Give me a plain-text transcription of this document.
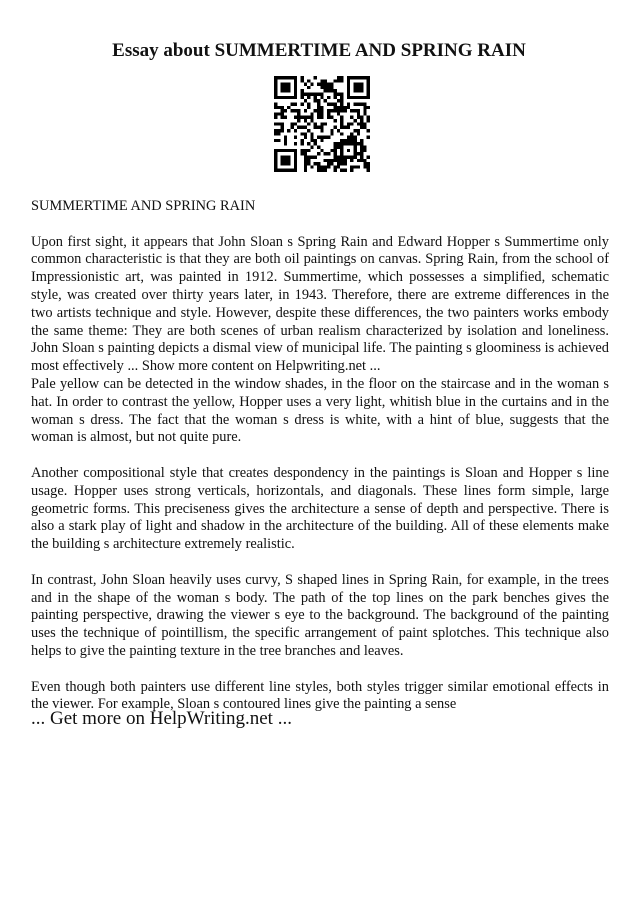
Essay about SUMMERTIME AND SPRING RAIN

SUMMERTIME AND SPRING RAIN

Upon first sight, it appears that John Sloan s Spring Rain and Edward Hopper s Summertime only common characteristic is that they are both oil paintings on canvas. Spring Rain, from the school of Impressionistic art, was painted in 1912. Summertime, which possesses a simplified, schematic style, was created over thirty years later, in 1943. Therefore, there are extreme differences in the two artists technique and style. However, despite these differences, the two painters works embody the same theme: They are both scenes of urban realism characterized by isolation and loneliness. John Sloan s painting depicts a dismal view of municipal life. The painting s gloominess is achieved most effectively ... Show more content on Helpwriting.net ...

Pale yellow can be detected in the window shades, in the floor on the staircase and in the woman s hat. In order to contrast the yellow, Hopper uses a very light, whitish blue in the curtains and in the woman s dress. The fact that the woman s dress is white, with a hint of blue, suggests that the woman is almost, but not quite pure.

Another compositional style that creates despondency in the paintings is Sloan and Hopper s line usage. Hopper uses strong verticals, horizontals, and diagonals. These lines form simple, large geometric forms. This preciseness gives the architecture a sense of depth and perspective. There is also a stark play of light and shadow in the architecture of the building. All of these elements make the building s architecture extremely realistic.

In contrast, John Sloan heavily uses curvy, S shaped lines in Spring Rain, for example, in the trees and in the shape of the woman s body. The path of the top lines on the park benches gives the painting perspective, drawing the viewer s eye to the background. The background of the painting uses the technique of pointillism, the specific arrangement of paint splotches. This technique also helps to give the painting texture in the tree branches and leaves.

Even though both painters use different line styles, both styles trigger similar emotional effects in the viewer. For example, Sloan s contoured lines give the painting a sense

... Get more on HelpWriting.net ...
